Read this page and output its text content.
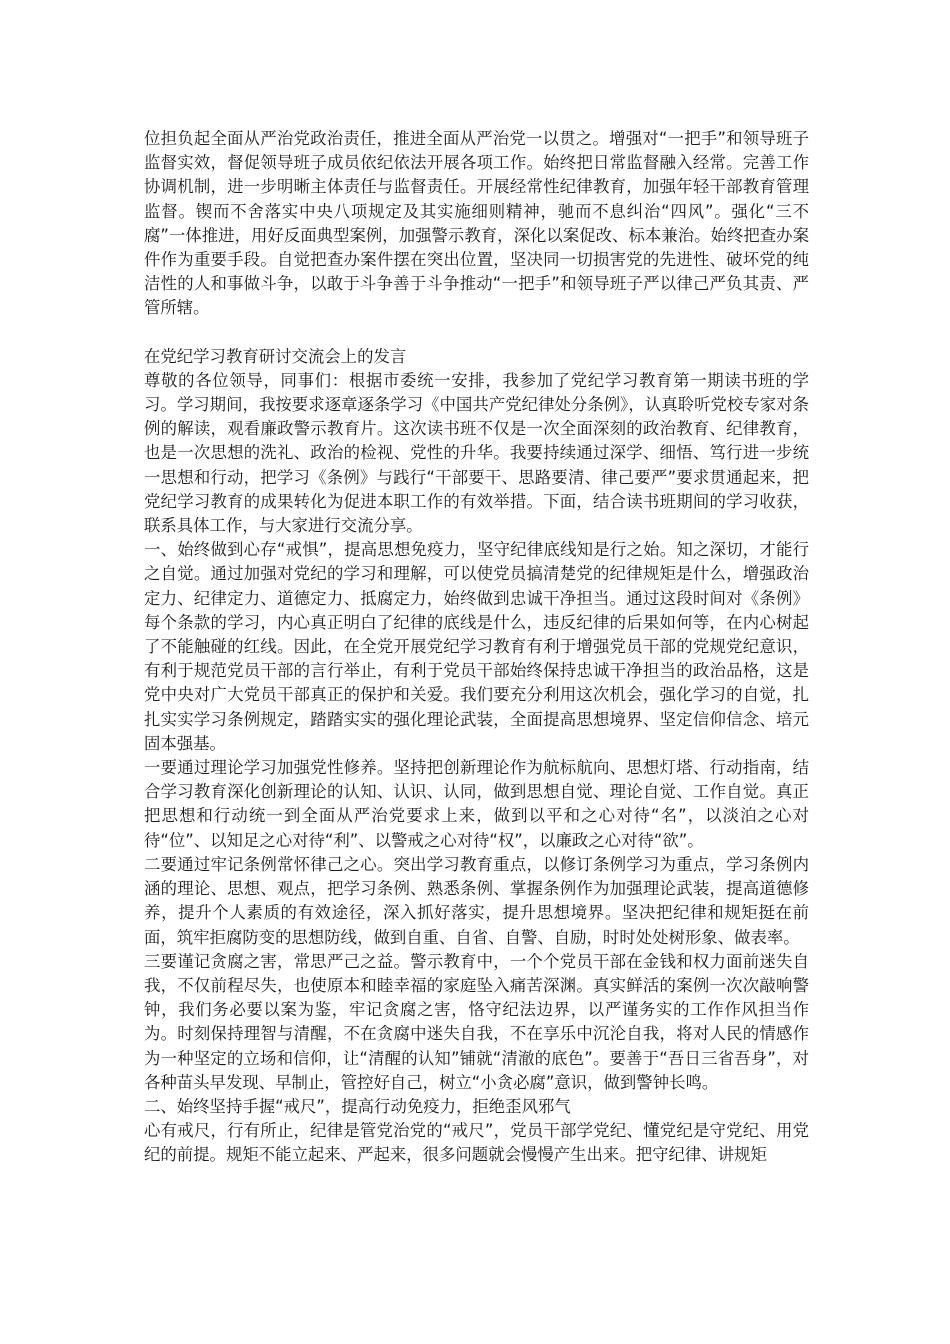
位担负起全面从严治党政治责任，推进全面从严治党一以贯之。增强对“一把手”和领导班子监督实效，督促领导班子成员依纪依法开展各项工作。始终把日常监督融入经常。完善工作协调机制，进一步明晰主体责任与监督责任。开展经常性纪律教育，加强年轻干部教育管理监督。锲而不舍落实中央八项规定及其实施细则精神，驰而不息纠治“四风”。强化“三不腐”一体推进，用好反面典型案例，加强警示教育，深化以案促改、标本兼治。始终把查办案件作为重要手段。自觉把查办案件摆在突出位置，坚决同一切损害党的先进性、破坏党的纯洁性的人和事做斗争，以敢于斗争善于斗争推动“一把手”和领导班子严以律己严负其责、严管所辖。

在党纪学习教育研讨交流会上的发言

尊敬的各位领导，同事们：根据市委统一安排，我参加了党纪学习教育第一期读书班的学习。学习期间，我按要求逐章逐条学习《中国共产党纪律处分条例》，认真聆听党校专家对条例的解读，观看廉政警示教育片。这次读书班不仅是一次全面深刻的政治教育、纪律教育，也是一次思想的洗礼、政治的检视、党性的升华。我要持续通过深学、细悟、笃行进一步统一思想和行动，把学习《条例》与践行“干部要干、思路要清、律己要严”要求贯通起来，把党纪学习教育的成果转化为促进本职工作的有效举措。下面，结合读书班期间的学习收获，联系具体工作，与大家进行交流分享。

一、始终做到心存“戒惧”，提高思想免疫力，坚守纪律底线知是行之始。知之深切，才能行之自觉。通过加强对党纪的学习和理解，可以使党员搞清楚党的纪律规矩是什么，增强政治定力、纪律定力、道德定力、抵腐定力，始终做到忠诚干净担当。通过这段时间对《条例》每个条款的学习，内心真正明白了纪律的底线是什么，违反纪律的后果如何等，在内心树起了不能触碰的红线。因此，在全党开展党纪学习教育有利于增强党员干部的党规党纪意识，有利于规范党员干部的言行举止，有利于党员干部始终保持忠诚干净担当的政治品格，这是党中央对广大党员干部真正的保护和关爱。我们要充分利用这次机会，强化学习的自觉，扎扎实实学习条例规定，踏踏实实的强化理论武装，全面提高思想境界、坚定信仰信念、培元固本强基。

一要通过理论学习加强党性修养。坚持把创新理论作为航标航向、思想灯塔、行动指南，结合学习教育深化创新理论的认知、认识、认同，做到思想自觉、理论自觉、工作自觉。真正把思想和行动统一到全面从严治党要求上来，做到以平和之心对待“名”，以淡泊之心对待“位”、以知足之心对待“利”、以警戒之心对待“权”，以廉政之心对待“欲”。

二要通过牢记条例常怀律己之心。突出学习教育重点，以修订条例学习为重点，学习条例内涵的理论、思想、观点，把学习条例、熟悉条例、掌握条例作为加强理论武装，提高道德修养，提升个人素质的有效途径，深入抓好落实，提升思想境界。坚决把纪律和规矩挺在前面，筑牢拒腐防变的思想防线，做到自重、自省、自警、自励，时时处处树形象、做表率。

三要谨记贪腐之害，常思严己之益。警示教育中，一个个党员干部在金钱和权力面前迷失自我，不仅前程尽失，也使原本和睦幸福的家庭坠入痛苦深渊。真实鲜活的案例一次次敲响警钟，我们务必要以案为鉴，牢记贪腐之害，恪守纪法边界，以严谨务实的工作作风担当作为。时刻保持理智与清醒，不在贪腐中迷失自我，不在享乐中沉沦自我，将对人民的情感作为一种坚定的立场和信仰，让“清醒的认知”铺就“清澈的底色”。要善于“吾日三省吾身”，对各种苗头早发现、早制止，管控好自己，树立“小贪必腐”意识，做到警钟长鸣。

二、始终坚持手握“戒尺”，提高行动免疫力，拒绝歪风邪气

心有戒尺，行有所止，纪律是管党治党的“戒尺”，党员干部学党纪、懂党纪是守党纪、用党纪的前提。规矩不能立起来、严起来，很多问题就会慢慢产生出来。把守纪律、讲规矩
